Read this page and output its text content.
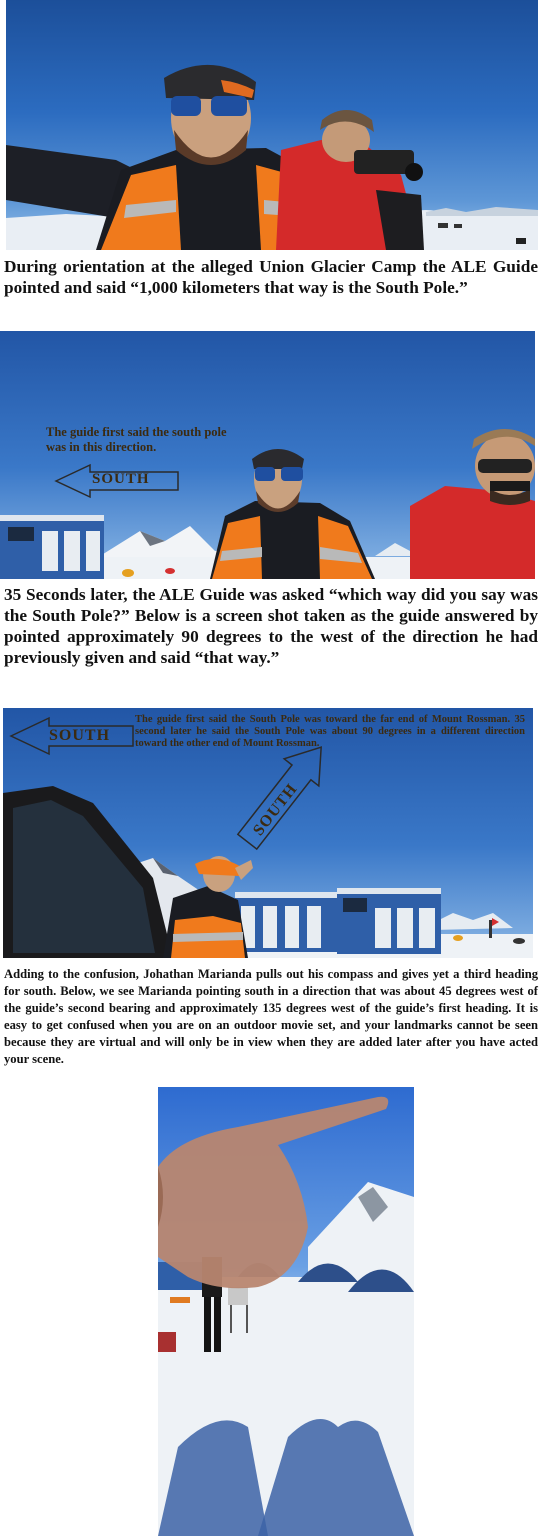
During orientation at the alleged Union Glacier Camp the ALE Guide pointed and said “1,000 kilometers that way is the South Pole.”

The guide first said the south pole was in this direction.
SOUTH

35 Seconds later, the ALE Guide was asked “which way did you say was the South Pole?” Below is a screen shot taken as the guide answered by pointed approximately 90 degrees to the west of the direction he had previously given and said “that way.”

SOUTH
SOUTH
The guide first said the South Pole was toward the far end of Mount Rossman. 35 second later he said the South Pole was about 90 degrees in a different direction toward the other end of Mount Rossman.

Adding to the confusion, Johathan Marianda pulls out his compass and gives yet a third heading for south. Below, we see Marianda pointing south in a direction that was about 45 degrees west of the guide’s second bearing and approximately 135 degrees west of the guide’s first heading. It is easy to get confused when you are on an outdoor movie set, and your landmarks cannot be seen because they are virtual and will only be in view when they are added later after you have acted your scene.
